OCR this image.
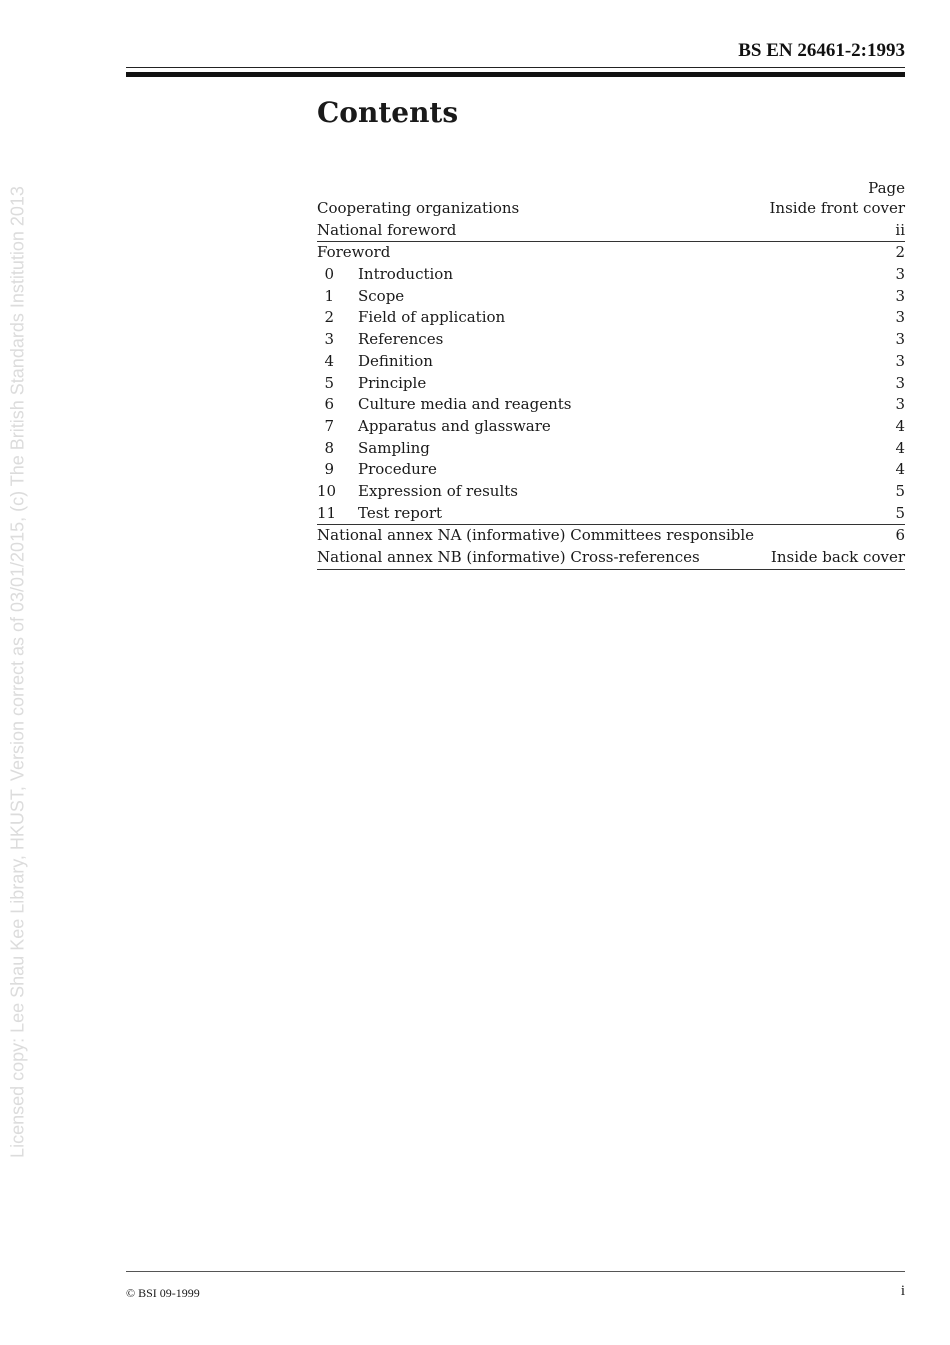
BS EN 26461-2:1993
Contents
Page
Cooperating organizations	Inside front cover
National foreword	ii
Foreword	2
0 Introduction	3
1 Scope	3
2 Field of application	3
3 References	3
4 Definition	3
5 Principle	3
6 Culture media and reagents	3
7 Apparatus and glassware	4
8 Sampling	4
9 Procedure	4
10 Expression of results	5
11 Test report	5
National annex NA (informative) Committees responsible	6
National annex NB (informative) Cross-references	Inside back cover
Licensed copy: Lee Shau Kee Library, HKUST, Version correct as of 03/01/2015, (c) The British Standards Institution 2013
© BSI 09-1999	i
